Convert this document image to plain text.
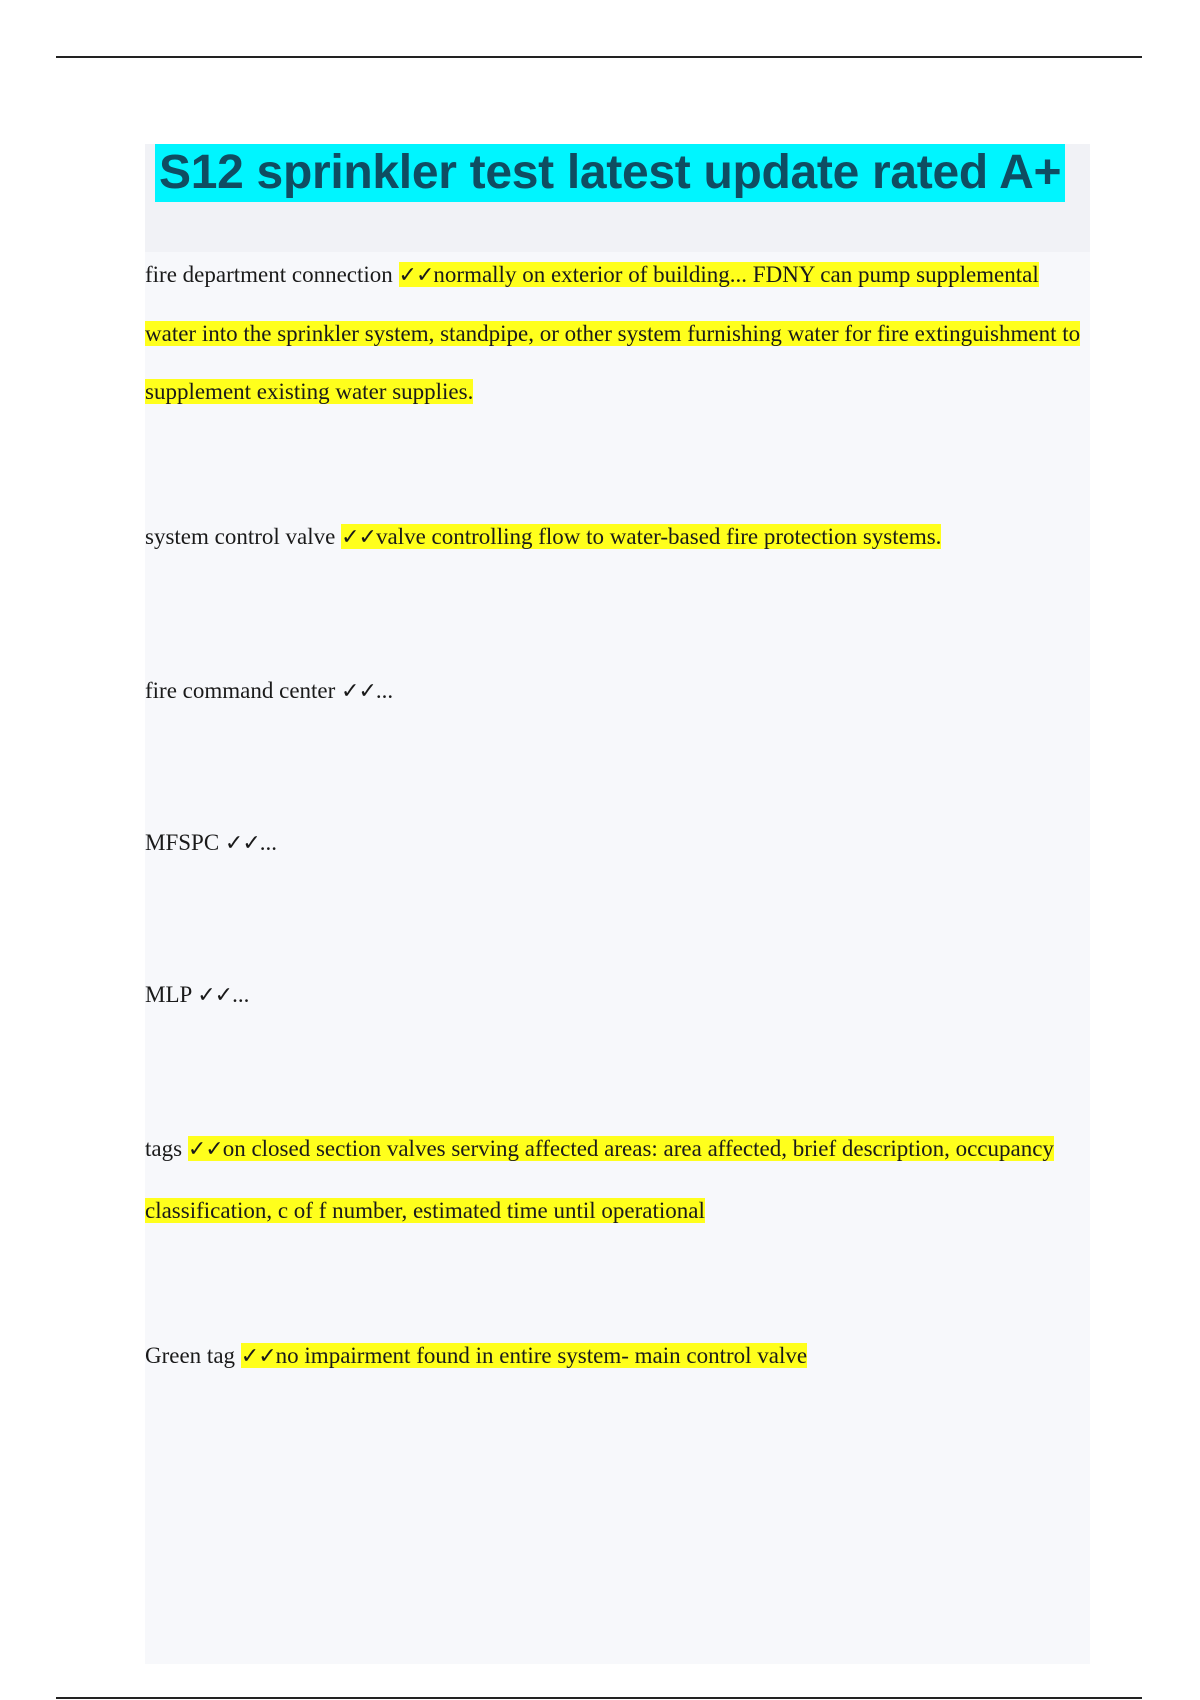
S12 sprinkler test latest update rated A+

fire department connection ✓✓normally on exterior of building... FDNY can pump supplemental water into the sprinkler system, standpipe, or other system furnishing water for fire extinguishment to supplement existing water supplies.

system control valve ✓✓valve controlling flow to water-based fire protection systems.

fire command center ✓✓...

MFSPC ✓✓...

MLP ✓✓...

tags ✓✓on closed section valves serving affected areas: area affected, brief description, occupancy classification, c of f number, estimated time until operational

Green tag ✓✓no impairment found in entire system- main control valve
